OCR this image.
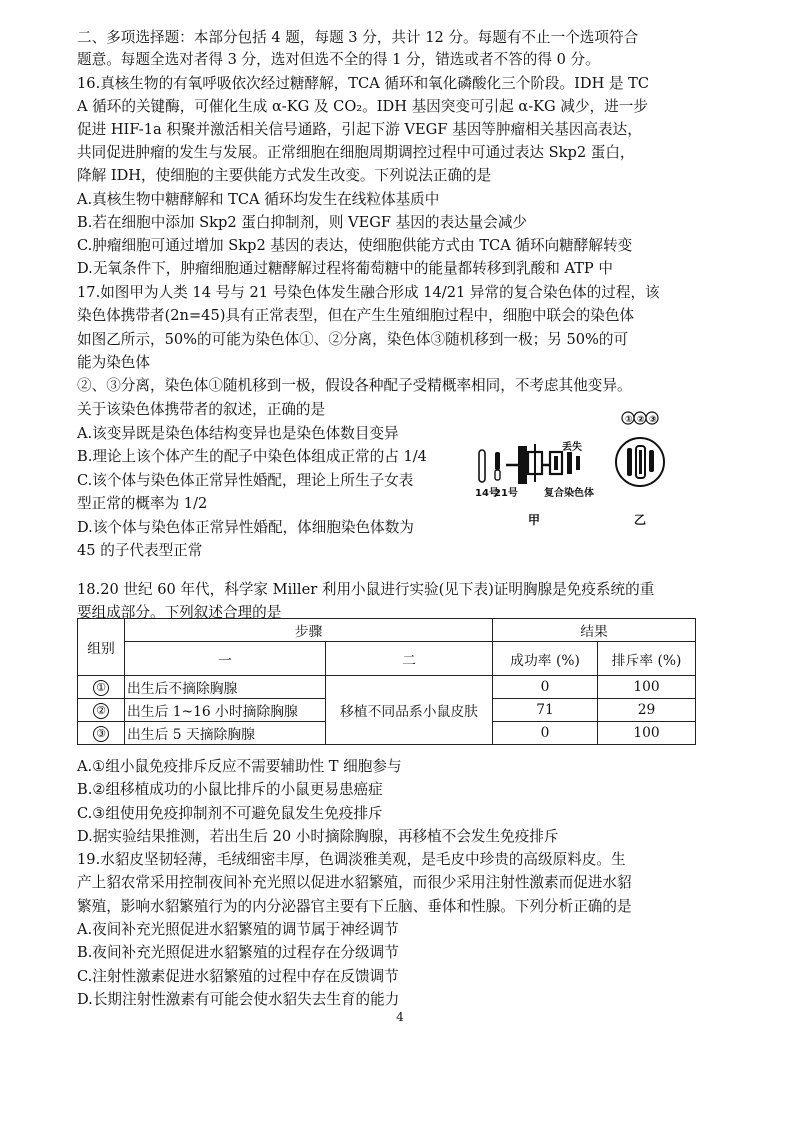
二、多项选择题：本部分包括 4 题，每题 3 分，共计 12 分。每题有不止一个选项符合
题意。每题全选对者得 3 分，选对但选不全的得 1 分，错选或者不答的得 0 分。
16.真核生物的有氧呼吸依次经过糖酵解，TCA 循环和氧化磷酸化三个阶段。IDH 是 TC
A 循环的关键酶，可催化生成 α-KG 及 CO₂。IDH 基因突变可引起 α-KG 减少，进一步
促进 HIF-1a 积聚并激活相关信号通路，引起下游 VEGF 基因等肿瘤相关基因高表达，
共同促进肿瘤的发生与发展。正常细胞在细胞周期调控过程中可通过表达 Skp2 蛋白，
降解 IDH，使细胞的主要供能方式发生改变。下列说法正确的是
A.真核生物中糖酵解和 TCA 循环均发生在线粒体基质中
B.若在细胞中添加 Skp2 蛋白抑制剂，则 VEGF 基因的表达量会减少
C.肿瘤细胞可通过增加 Skp2 基因的表达，使细胞供能方式由 TCA 循环向糖酵解转变
D.无氧条件下，肿瘤细胞通过糖酵解过程将葡萄糖中的能量都转移到乳酸和 ATP 中
17.如图甲为人类 14 号与 21 号染色体发生融合形成 14/21 异常的复合染色体的过程，该
染色体携带者(2n=45)具有正常表型，但在产生生殖细胞过程中，细胞中联会的染色体
如图乙所示，50%的可能为染色体①、②分离，染色体③随机移到一极；另 50%的可
能为染色体
②、③分离，染色体①随机移到一极，假设各种配子受精概率相同，不考虑其他变异。
关于该染色体携带者的叙述，正确的是
A.该变异既是染色体结构变异也是染色体数目变异
B.理论上该个体产生的配子中染色体组成正常的占 1/4
C.该个体与染色体正常异性婚配，理论上所生子女表
型正常的概率为 1/2
D.该个体与染色体正常异性婚配，体细胞染色体数为
45 的子代表型正常
18.20 世纪 60 年代，科学家 Miller 利用小鼠进行实验(见下表)证明胸腺是免疫系统的重
要组成部分。下列叙述合理的是
A.①组小鼠免疫排斥反应不需要辅助性 T 细胞参与
B.②组移植成功的小鼠比排斥的小鼠更易患癌症
C.③组使用免疫抑制剂不可避免鼠发生免疫排斥
D.据实验结果推测，若出生后 20 小时摘除胸腺，再移植不会发生免疫排斥
19.水貂皮坚韧轻薄，毛绒细密丰厚，色调淡雅美观，是毛皮中珍贵的高级原料皮。生
产上貂农常采用控制夜间补充光照以促进水貂繁殖，而很少采用注射性激素而促进水貂
繁殖，影响水貂繁殖行为的内分泌器官主要有下丘脑、垂体和性腺。下列分析正确的是
A.夜间补充光照促进水貂繁殖的调节属于神经调节
B.夜间补充光照促进水貂繁殖的过程存在分级调节
C.注射性激素促进水貂繁殖的过程中存在反馈调节
D.长期注射性激素有可能会使水貂失去生育的能力
丢失
14号
21号	复合染色体
甲
① ② ③
乙
组别	步骤		结果	
	一	二	成功率 (%)	排斥率 (%)
①	出生后不摘除胸腺	移植不同品系小鼠皮肤	0	100
②	出生后 1~16 小时摘除胸腺		71	29
③	出生后 5 天摘除胸腺		0	100
4
